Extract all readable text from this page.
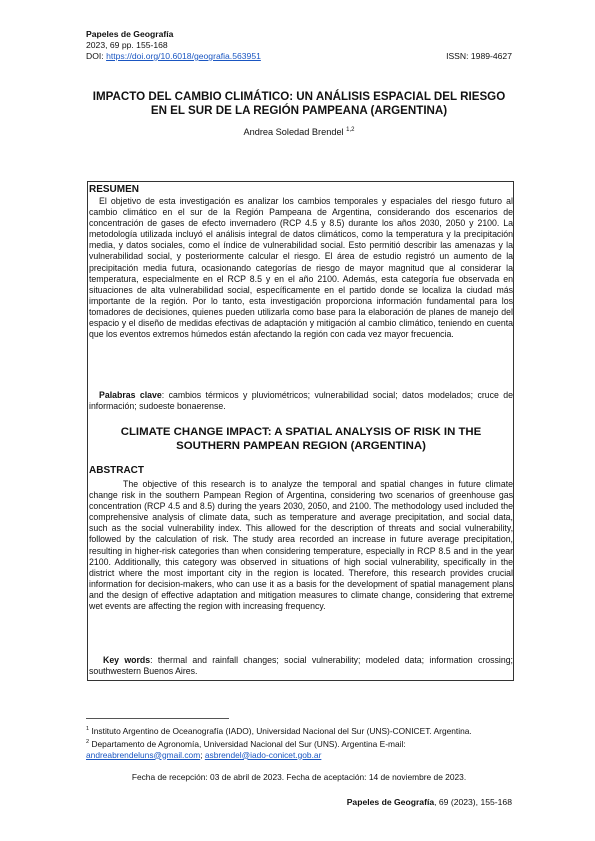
Papeles de Geografía
2023, 69 pp. 155-168
DOI: https://doi.org/10.6018/geografia.563951	ISSN: 1989-4627
IMPACTO DEL CAMBIO CLIMÁTICO: UN ANÁLISIS ESPACIAL DEL RIESGO EN EL SUR DE LA REGIÓN PAMPEANA (ARGENTINA)
Andrea Soledad Brendel $^{1,2}$
RESUMEN
El objetivo de esta investigación es analizar los cambios temporales y espaciales del riesgo futuro al cambio climático en el sur de la Región Pampeana de Argentina, considerando dos escenarios de concentración de gases de efecto invernadero (RCP 4.5 y 8.5) durante los años 2030, 2050 y 2100. La metodología utilizada incluyó el análisis integral de datos climáticos, como la temperatura y la precipitación media, y datos sociales, como el índice de vulnerabilidad social. Esto permitió describir las amenazas y la vulnerabilidad social, y posteriormente calcular el riesgo. El área de estudio registró un aumento de la precipitación media futura, ocasionando categorías de riesgo de mayor magnitud que al considerar la temperatura, especialmente en el RCP 8.5 y en el año 2100. Además, esta categoría fue observada en situaciones de alta vulnerabilidad social, específicamente en el partido donde se localiza la ciudad más importante de la región. Por lo tanto, esta investigación proporciona información fundamental para los tomadores de decisiones, quienes pueden utilizarla como base para la elaboración de planes de manejo del espacio y el diseño de medidas efectivas de adaptación y mitigación al cambio climático, teniendo en cuenta que los eventos extremos húmedos están afectando la región con cada vez mayor frecuencia.
Palabras clave: cambios térmicos y pluviométricos; vulnerabilidad social; datos modelados; cruce de información; sudoeste bonaerense.
CLIMATE CHANGE IMPACT: A SPATIAL ANALYSIS OF RISK IN THE SOUTHERN PAMPEAN REGION (ARGENTINA)
ABSTRACT
The objective of this research is to analyze the temporal and spatial changes in future climate change risk in the southern Pampean Region of Argentina, considering two scenarios of greenhouse gas concentration (RCP 4.5 and 8.5) during the years 2030, 2050, and 2100. The methodology used included the comprehensive analysis of climate data, such as temperature and average precipitation, and social data, such as the social vulnerability index. This allowed for the description of threats and social vulnerability, followed by the calculation of risk. The study area recorded an increase in future average precipitation, resulting in higher-risk categories than when considering temperature, especially in RCP 8.5 and in the year 2100. Additionally, this category was observed in situations of high social vulnerability, specifically in the district where the most important city in the region is located. Therefore, this research provides crucial information for decision-makers, who can use it as a basis for the development of spatial management plans and the design of effective adaptation and mitigation measures to climate change, considering that extreme wet events are affecting the region with increasing frequency.
Key words: thermal and rainfall changes; social vulnerability; modeled data; information crossing; southwestern Buenos Aires.

$^1$ Instituto Argentino de Oceanografía (IADO), Universidad Nacional del Sur (UNS)-CONICET. Argentina.

$^2$ Departamento de Agronomía, Universidad Nacional del Sur (UNS). Argentina E-mail:
andreabrendeluns@gmail.com; asbrendel@iado-conicet.gob.ar

Fecha de recepción: 03 de abril de 2023. Fecha de aceptación: 14 de noviembre de 2023.
Papeles de Geografía, 69 (2023), 155-168
